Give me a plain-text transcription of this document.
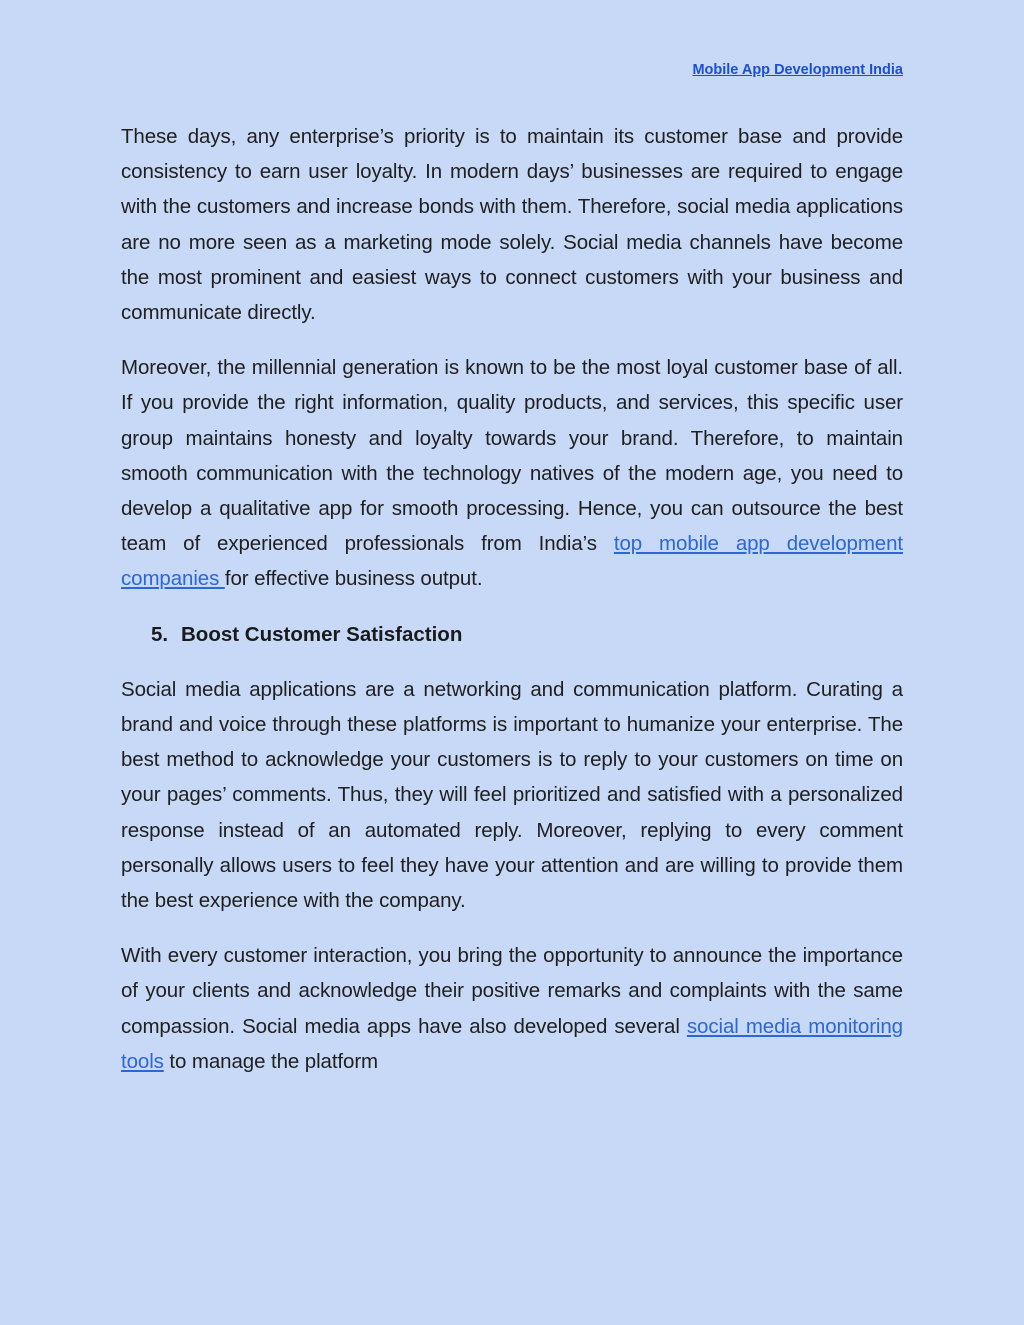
Mobile App Development India

These days, any enterprise’s priority is to maintain its customer base and provide consistency to earn user loyalty. In modern days’ businesses are required to engage with the customers and increase bonds with them. Therefore, social media applications are no more seen as a marketing mode solely. Social media channels have become the most prominent and easiest ways to connect customers with your business and communicate directly.

Moreover, the millennial generation is known to be the most loyal customer base of all. If you provide the right information, quality products, and services, this specific user group maintains honesty and loyalty towards your brand. Therefore, to maintain smooth communication with the technology natives of the modern age, you need to develop a qualitative app for smooth processing. Hence, you can outsource the best team of experienced professionals from India’s top mobile app development companies for effective business output.

5. Boost Customer Satisfaction

Social media applications are a networking and communication platform. Curating a brand and voice through these platforms is important to humanize your enterprise. The best method to acknowledge your customers is to reply to your customers on time on your pages’ comments. Thus, they will feel prioritized and satisfied with a personalized response instead of an automated reply. Moreover, replying to every comment personally allows users to feel they have your attention and are willing to provide them the best experience with the company.

With every customer interaction, you bring the opportunity to announce the importance of your clients and acknowledge their positive remarks and complaints with the same compassion. Social media apps have also developed several social media monitoring tools to manage the platform
